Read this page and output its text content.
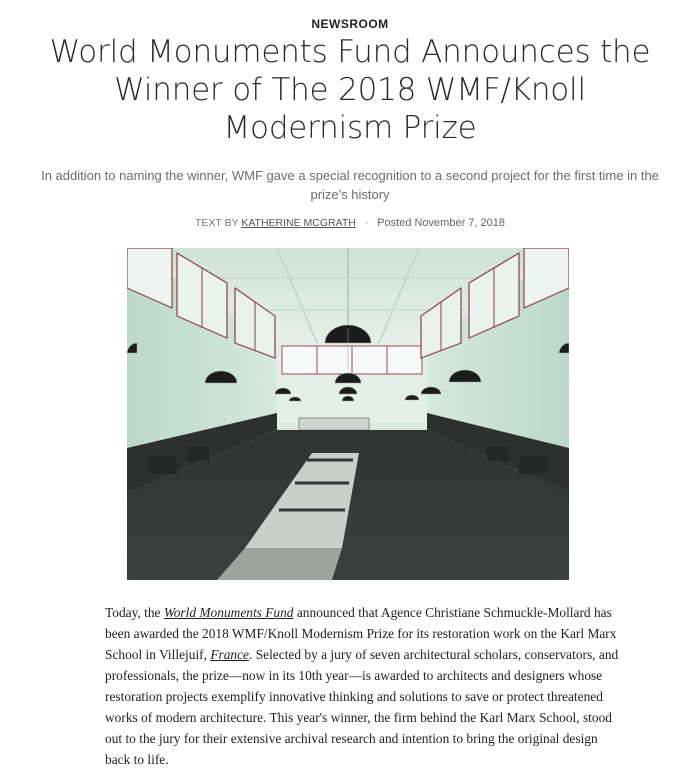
NEWSROOM
World Monuments Fund Announces the Winner of The 2018 WMF/Knoll Modernism Prize

In addition to naming the winner, WMF gave a special recognition to a second project for the first time in the prize's history

TEXT BY KATHERINE MCGRATH - Posted November 7, 2018

Today, the World Monuments Fund announced that Agence Christiane Schmuckle-Mollard has been awarded the 2018 WMF/Knoll Modernism Prize for its restoration work on the Karl Marx School in Villejuif, France. Selected by a jury of seven architectural scholars, conservators, and professionals, the prize—now in its 10th year—is awarded to architects and designers whose restoration projects exemplify innovative thinking and solutions to save or protect threatened works of modern architecture. This year's winner, the firm behind the Karl Marx School, stood out to the jury for their extensive archival research and intention to bring the original design back to life.
